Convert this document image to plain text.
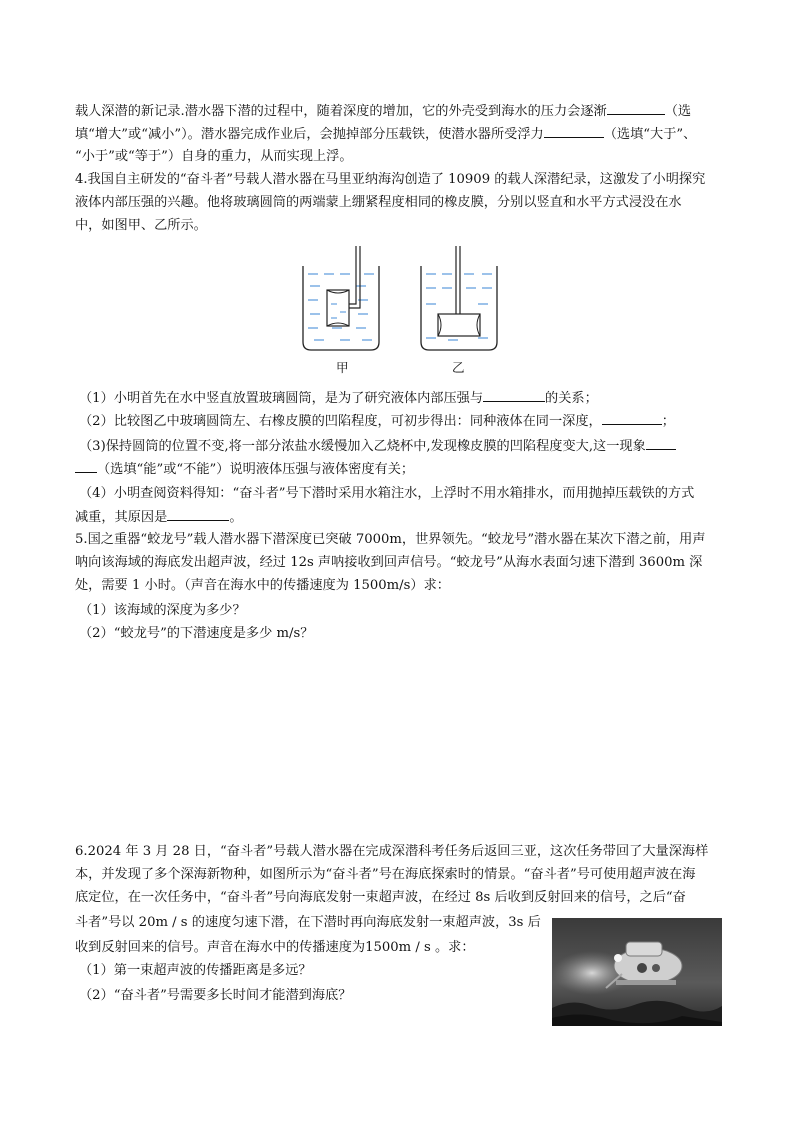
载人深潜的新记录.潜水器下潜的过程中，随着深度的增加，它的外壳受到海水的压力会逐渐	（选
填“增大”或“减小”）。潜水器完成作业后，会抛掉部分压载铁，使潜水器所受浮力	（选填“大于”、
“小于”或“等于”）自身的重力，从而实现上浮。
4.我国自主研发的“奋斗者”号载人潜水器在马里亚纳海沟创造了 10909 的载人深潜纪录，这激发了小明探究
液体内部压强的兴趣。他将玻璃圆筒的两端蒙上绷紧程度相同的橡皮膜，分别以竖直和水平方式浸没在水
中，如图甲、乙所示。
甲	乙
（1）小明首先在水中竖直放置玻璃圆筒，是为了研究液体内部压强与	的关系；
（2）比较图乙中玻璃圆筒左、右橡皮膜的凹陷程度，可初步得出：同种液体在同一深度，	；
（3)保持圆筒的位置不变,将一部分浓盐水缓慢加入乙烧杯中,发现橡皮膜的凹陷程度变大,这一现象
（选填“能”或“不能”）说明液体压强与液体密度有关；
（4）小明查阅资料得知：“奋斗者”号下潜时采用水箱注水，上浮时不用水箱排水，而用抛掉压载铁的方式
减重，其原因是	。
5.国之重器“蛟龙号”载人潜水器下潜深度已突破 7000m，世界领先。“蛟龙号”潜水器在某次下潜之前，用声
呐向该海域的海底发出超声波，经过 12s 声呐接收到回声信号。“蛟龙号”从海水表面匀速下潜到 3600m 深
处，需要 1 小时。（声音在海水中的传播速度为 1500m/s）求：
（1）该海域的深度为多少？
（2）“蛟龙号”的下潜速度是多少 m/s？
6.2024 年 3 月 28 日，“奋斗者”号载人潜水器在完成深潜科考任务后返回三亚，这次任务带回了大量深海样
本，并发现了多个深海新物种，如图所示为“奋斗者”号在海底探索时的情景。“奋斗者”号可使用超声波在海
底定位，在一次任务中，“奋斗者”号向海底发射一束超声波，在经过 8s 后收到反射回来的信号，之后“奋
斗者”号以 20m / s 的速度匀速下潜，在下潜时再向海底发射一束超声波，3s 后
收到反射回来的信号。声音在海水中的传播速度为1500m / s 。求：
（1）第一束超声波的传播距离是多远？
（2）“奋斗者”号需要多长时间才能潜到海底？
